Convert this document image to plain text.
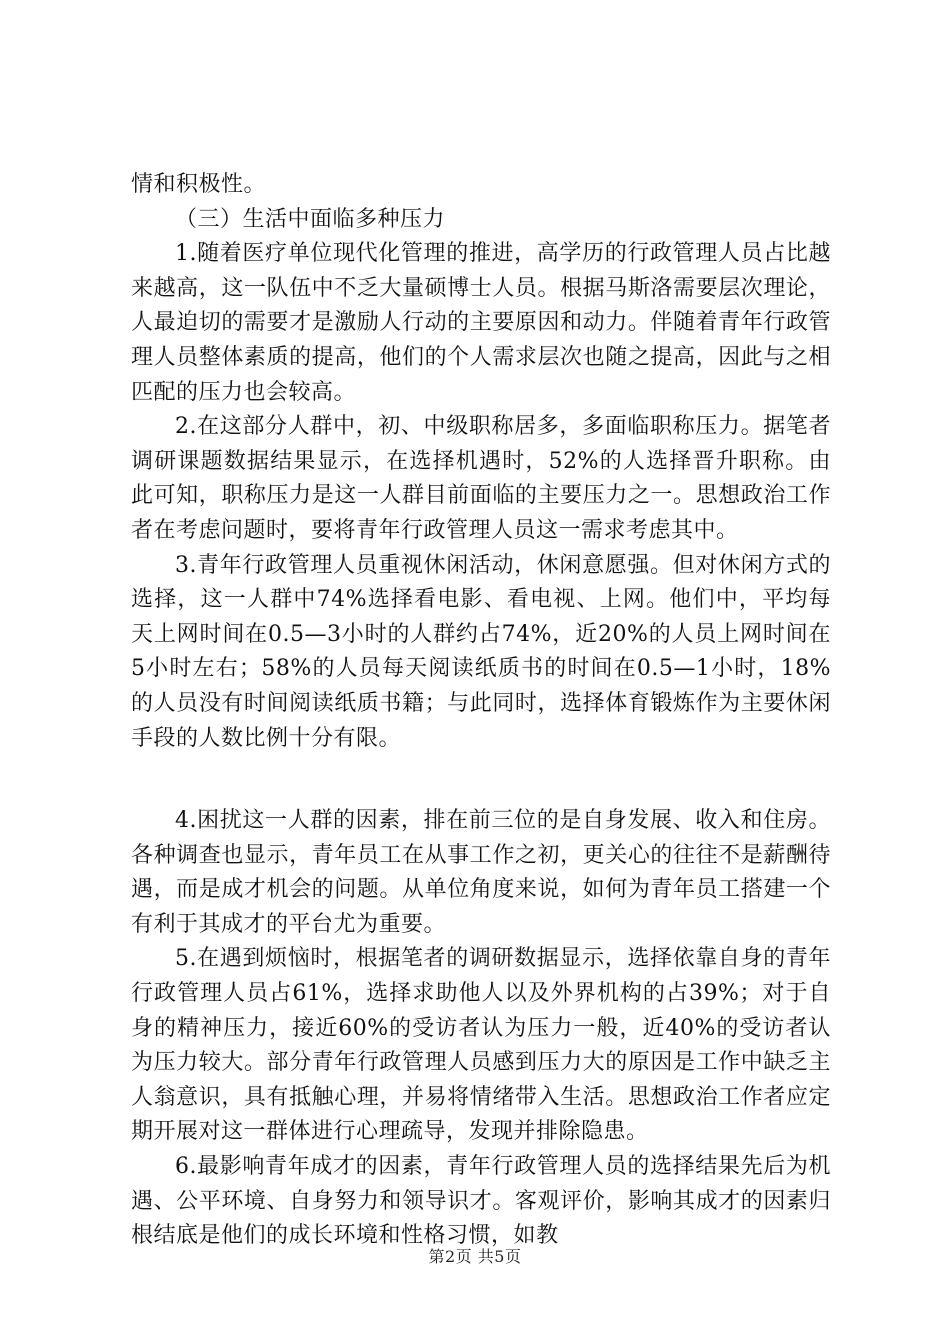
情和积极性。

（三）生活中面临多种压力

1.随着医疗单位现代化管理的推进，高学历的行政管理人员占比越来越高，这一队伍中不乏大量硕博士人员。根据马斯洛需要层次理论，人最迫切的需要才是激励人行动的主要原因和动力。伴随着青年行政管理人员整体素质的提高，他们的个人需求层次也随之提高，因此与之相匹配的压力也会较高。

2.在这部分人群中，初、中级职称居多，多面临职称压力。据笔者调研课题数据结果显示，在选择机遇时，52%的人选择晋升职称。由此可知，职称压力是这一人群目前面临的主要压力之一。思想政治工作者在考虑问题时，要将青年行政管理人员这一需求考虑其中。

3.青年行政管理人员重视休闲活动，休闲意愿强。但对休闲方式的选择，这一人群中74%选择看电影、看电视、上网。他们中，平均每天上网时间在0.5—3小时的人群约占74%，近20%的人员上网时间在5小时左右；58%的人员每天阅读纸质书的时间在0.5—1小时，18%的人员没有时间阅读纸质书籍；与此同时，选择体育锻炼作为主要休闲手段的人数比例十分有限。

4.困扰这一人群的因素，排在前三位的是自身发展、收入和住房。各种调查也显示，青年员工在从事工作之初，更关心的往往不是薪酬待遇，而是成才机会的问题。从单位角度来说，如何为青年员工搭建一个有利于其成才的平台尤为重要。

5.在遇到烦恼时，根据笔者的调研数据显示，选择依靠自身的青年行政管理人员占61%，选择求助他人以及外界机构的占39%；对于自身的精神压力，接近60%的受访者认为压力一般，近40%的受访者认为压力较大。部分青年行政管理人员感到压力大的原因是工作中缺乏主人翁意识，具有抵触心理，并易将情绪带入生活。思想政治工作者应定期开展对这一群体进行心理疏导，发现并排除隐患。

6.最影响青年成才的因素，青年行政管理人员的选择结果先后为机遇、公平环境、自身努力和领导识才。客观评价，影响其成才的因素归根结底是他们的成长环境和性格习惯，如教

第2页 共5页
